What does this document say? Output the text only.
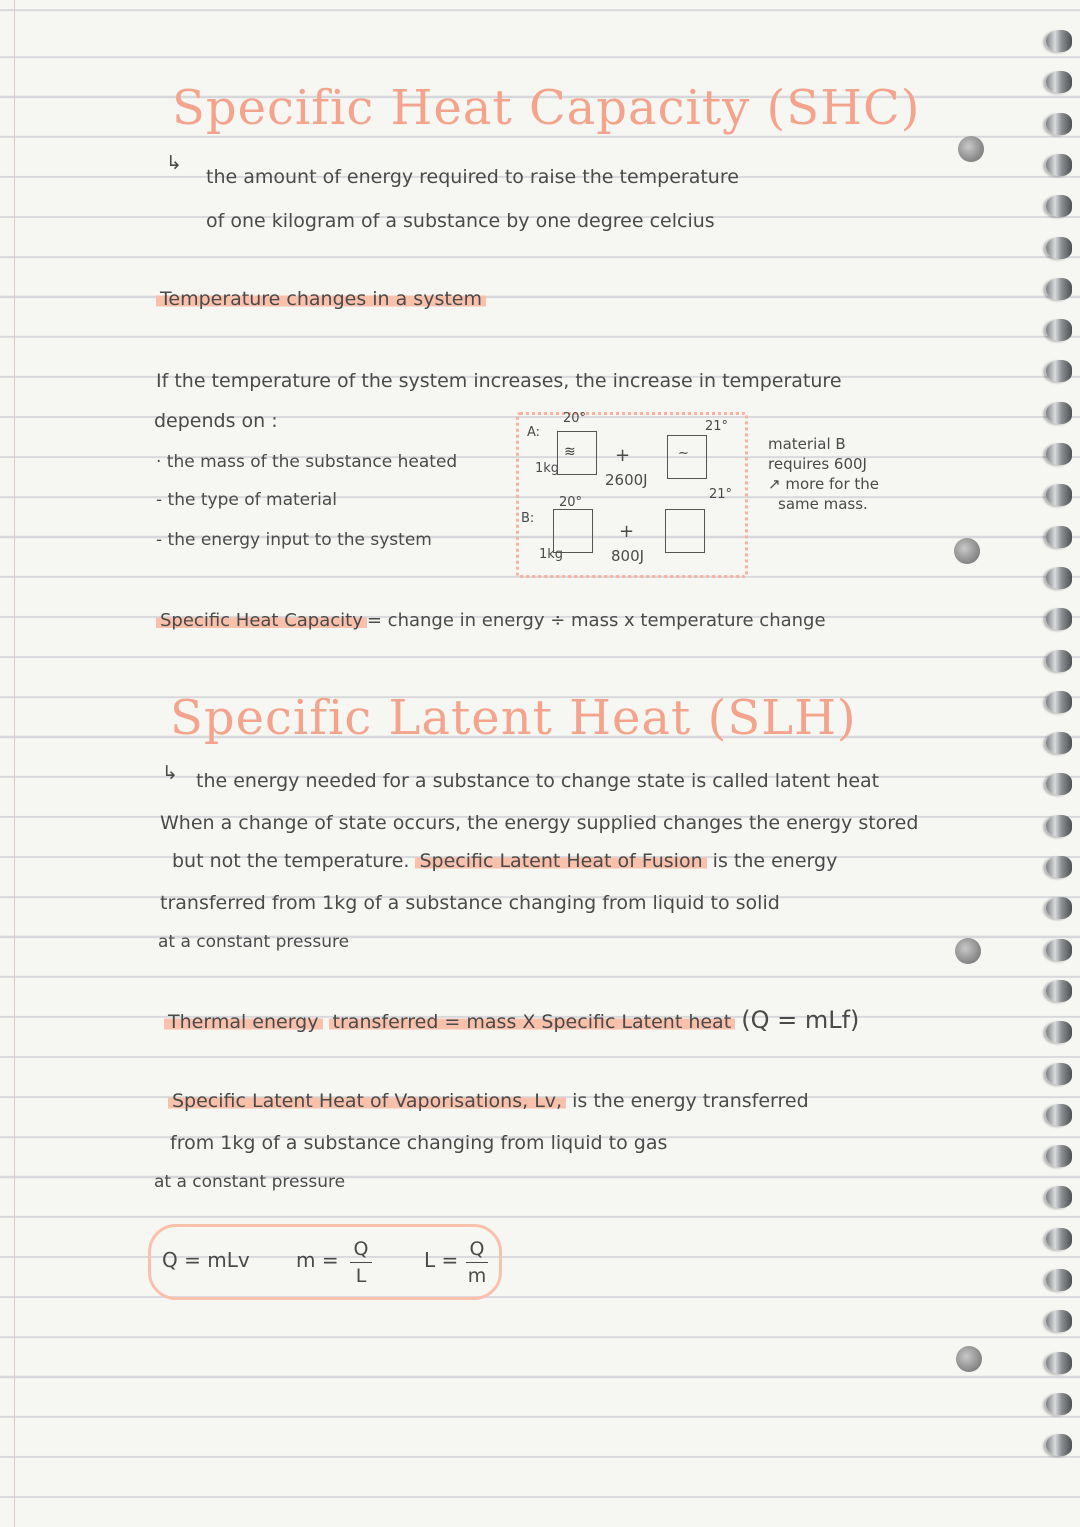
Specific Heat Capacity (SHC)
↳
the amount of energy required to raise the temperature
of one kilogram of a substance by one degree celcius
Temperature changes in a system
If the temperature of the system increases, the increase in temperature
depends on :
· the mass of the substance heated
- the type of material
- the energy input to the system
A:
20°
≋
1kg
+
2600J
∼
21°
B:
20°
1kg
+
800J
21°
material B
requires 600J
↗ more for the
same mass.
Specific Heat Capacity = change in energy ÷ mass x temperature change
Specific Latent Heat (SLH)
↳ the energy needed for a substance to change state is called latent heat
When a change of state occurs, the energy supplied changes the energy stored
but not the temperature. Specific Latent Heat of Fusion is the energy
transferred from 1kg of a substance changing from liquid to solid
at a constant pressure
Thermal energy transferred = mass X Specific Latent heat (Q = mLf)
Specific Latent Heat of Vaporisations, Lv, is the energy transferred
from 1kg of a substance changing from liquid to gas
at a constant pressure
Q = mLv m = Q
L
L = Q
m
